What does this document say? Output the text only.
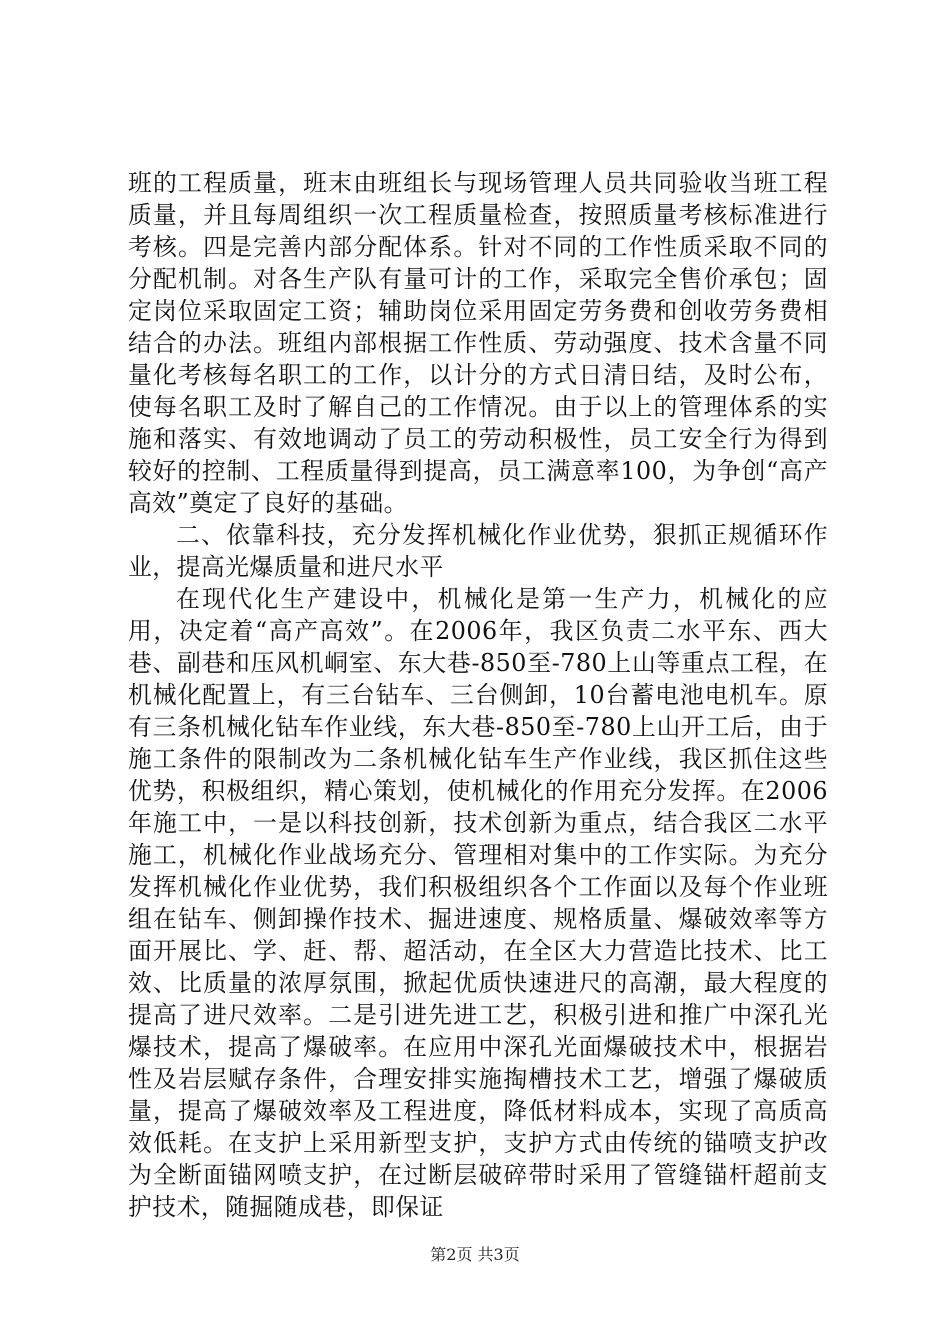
班的工程质量，班末由班组长与现场管理人员共同验收当班工程质量，并且每周组织一次工程质量检查，按照质量考核标准进行考核。四是完善内部分配体系。针对不同的工作性质采取不同的分配机制。对各生产队有量可计的工作，采取完全售价承包；固定岗位采取固定工资；辅助岗位采用固定劳务费和创收劳务费相结合的办法。班组内部根据工作性质、劳动强度、技术含量不同量化考核每名职工的工作，以计分的方式日清日结，及时公布，使每名职工及时了解自己的工作情况。由于以上的管理体系的实施和落实、有效地调动了员工的劳动积极性，员工安全行为得到较好的控制、工程质量得到提高，员工满意率100，为争创“高产高效”奠定了良好的基础。

二、依靠科技，充分发挥机械化作业优势，狠抓正规循环作业，提高光爆质量和进尺水平

在现代化生产建设中，机械化是第一生产力，机械化的应用，决定着“高产高效”。在2006年，我区负责二水平东、西大巷、副巷和压风机峒室、东大巷-850至-780上山等重点工程，在机械化配置上，有三台钻车、三台侧卸，10台蓄电池电机车。原有三条机械化钻车作业线，东大巷-850至-780上山开工后，由于施工条件的限制改为二条机械化钻车生产作业线，我区抓住这些优势，积极组织，精心策划，使机械化的作用充分发挥。在2006年施工中，一是以科技创新，技术创新为重点，结合我区二水平施工，机械化作业战场充分、管理相对集中的工作实际。为充分发挥机械化作业优势，我们积极组织各个工作面以及每个作业班组在钻车、侧卸操作技术、掘进速度、规格质量、爆破效率等方面开展比、学、赶、帮、超活动，在全区大力营造比技术、比工效、比质量的浓厚氛围，掀起优质快速进尺的高潮，最大程度的提高了进尺效率。二是引进先进工艺，积极引进和推广中深孔光爆技术，提高了爆破率。在应用中深孔光面爆破技术中，根据岩性及岩层赋存条件，合理安排实施掏槽技术工艺，增强了爆破质量，提高了爆破效率及工程进度，降低材料成本，实现了高质高效低耗。在支护上采用新型支护，支护方式由传统的锚喷支护改为全断面锚网喷支护，在过断层破碎带时采用了管缝锚杆超前支护技术，随掘随成巷，即保证

第2页 共3页
